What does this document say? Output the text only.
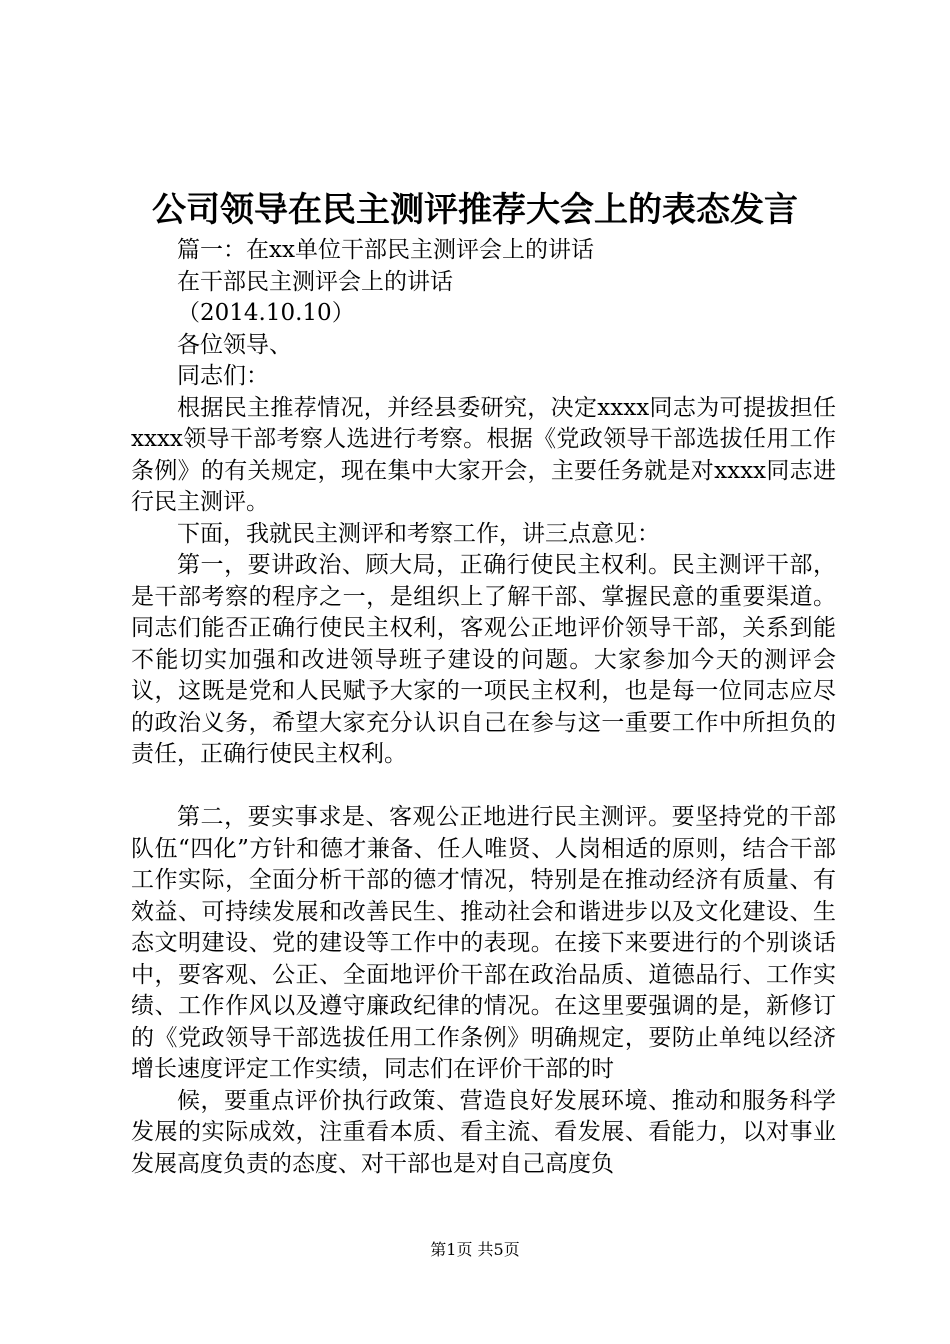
公司领导在民主测评推荐大会上的表态发言

篇一：在xx单位干部民主测评会上的讲话

在干部民主测评会上的讲话

（2014.10.10）

各位领导、

同志们：

根据民主推荐情况，并经县委研究，决定xxxx同志为可提拔担任xxxx领导干部考察人选进行考察。根据《党政领导干部选拔任用工作条例》的有关规定，现在集中大家开会，主要任务就是对xxxx同志进行民主测评。

下面，我就民主测评和考察工作，讲三点意见：

第一，要讲政治、顾大局，正确行使民主权利。民主测评干部，是干部考察的程序之一，是组织上了解干部、掌握民意的重要渠道。同志们能否正确行使民主权利，客观公正地评价领导干部，关系到能不能切实加强和改进领导班子建设的问题。大家参加今天的测评会议，这既是党和人民赋予大家的一项民主权利，也是每一位同志应尽的政治义务，希望大家充分认识自己在参与这一重要工作中所担负的责任，正确行使民主权利。

第二，要实事求是、客观公正地进行民主测评。要坚持党的干部队伍“四化”方针和德才兼备、任人唯贤、人岗相适的原则，结合干部工作实际，全面分析干部的德才情况，特别是在推动经济有质量、有效益、可持续发展和改善民生、推动社会和谐进步以及文化建设、生态文明建设、党的建设等工作中的表现。在接下来要进行的个别谈话中，要客观、公正、全面地评价干部在政治品质、道德品行、工作实绩、工作作风以及遵守廉政纪律的情况。在这里要强调的是，新修订的《党政领导干部选拔任用工作条例》明确规定，要防止单纯以经济增长速度评定工作实绩，同志们在评价干部的时

候，要重点评价执行政策、营造良好发展环境、推动和服务科学发展的实际成效，注重看本质、看主流、看发展、看能力，以对事业发展高度负责的态度、对干部也是对自己高度负

第1页 共5页
